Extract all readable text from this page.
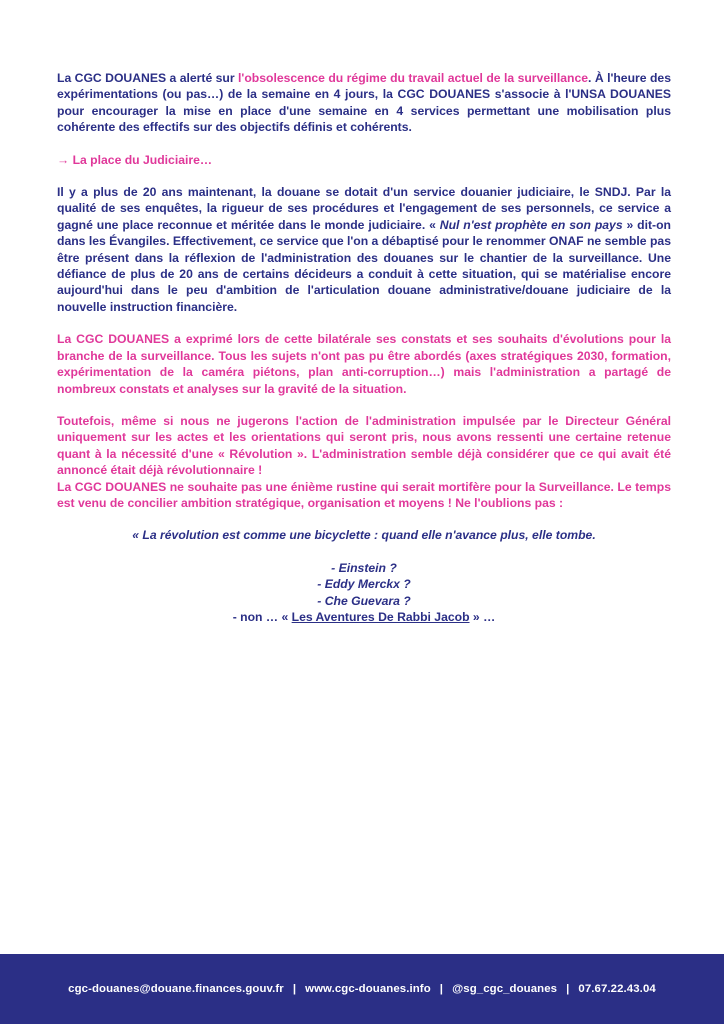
La CGC DOUANES a alerté sur l'obsolescence du régime du travail actuel de la surveillance. À l'heure des expérimentations (ou pas…) de la semaine en 4 jours, la CGC DOUANES s'associe à l'UNSA DOUANES pour encourager la mise en place d'une semaine en 4 services permettant une mobilisation plus cohérente des effectifs sur des objectifs définis et cohérents.

→ La place du Judiciaire…

Il y a plus de 20 ans maintenant, la douane se dotait d'un service douanier judiciaire, le SNDJ. Par la qualité de ses enquêtes, la rigueur de ses procédures et l'engagement de ses personnels, ce service a gagné une place reconnue et méritée dans le monde judiciaire. « Nul n'est prophète en son pays » dit-on dans les Évangiles. Effectivement, ce service que l'on a débaptisé pour le renommer ONAF ne semble pas être présent dans la réflexion de l'administration des douanes sur le chantier de la surveillance. Une défiance de plus de 20 ans de certains décideurs a conduit à cette situation, qui se matérialise encore aujourd'hui dans le peu d'ambition de l'articulation douane administrative/douane judiciaire de la nouvelle instruction financière.

La CGC DOUANES a exprimé lors de cette bilatérale ses constats et ses souhaits d'évolutions pour la branche de la surveillance. Tous les sujets n'ont pas pu être abordés (axes stratégiques 2030, formation, expérimentation de la caméra piétons, plan anti-corruption…) mais l'administration a partagé de nombreux constats et analyses sur la gravité de la situation.

Toutefois, même si nous ne jugerons l'action de l'administration impulsée par le Directeur Général uniquement sur les actes et les orientations qui seront pris, nous avons ressenti une certaine retenue quant à la nécessité d'une « Révolution ». L'administration semble déjà considérer que ce qui avait été annoncé était déjà révolutionnaire !

La CGC DOUANES ne souhaite pas une énième rustine qui serait mortifère pour la Surveillance. Le temps est venu de concilier ambition stratégique, organisation et moyens ! Ne l'oublions pas :

« La révolution est comme une bicyclette : quand elle n'avance plus, elle tombe.

- Einstein ?

- Eddy Merckx ?

- Che Guevara ?

- non … « Les Aventures De Rabbi Jacob » …

cgc-douanes@douane.finances.gouv.fr | www.cgc-douanes.info | @sg_cgc_douanes | 07.67.22.43.04
